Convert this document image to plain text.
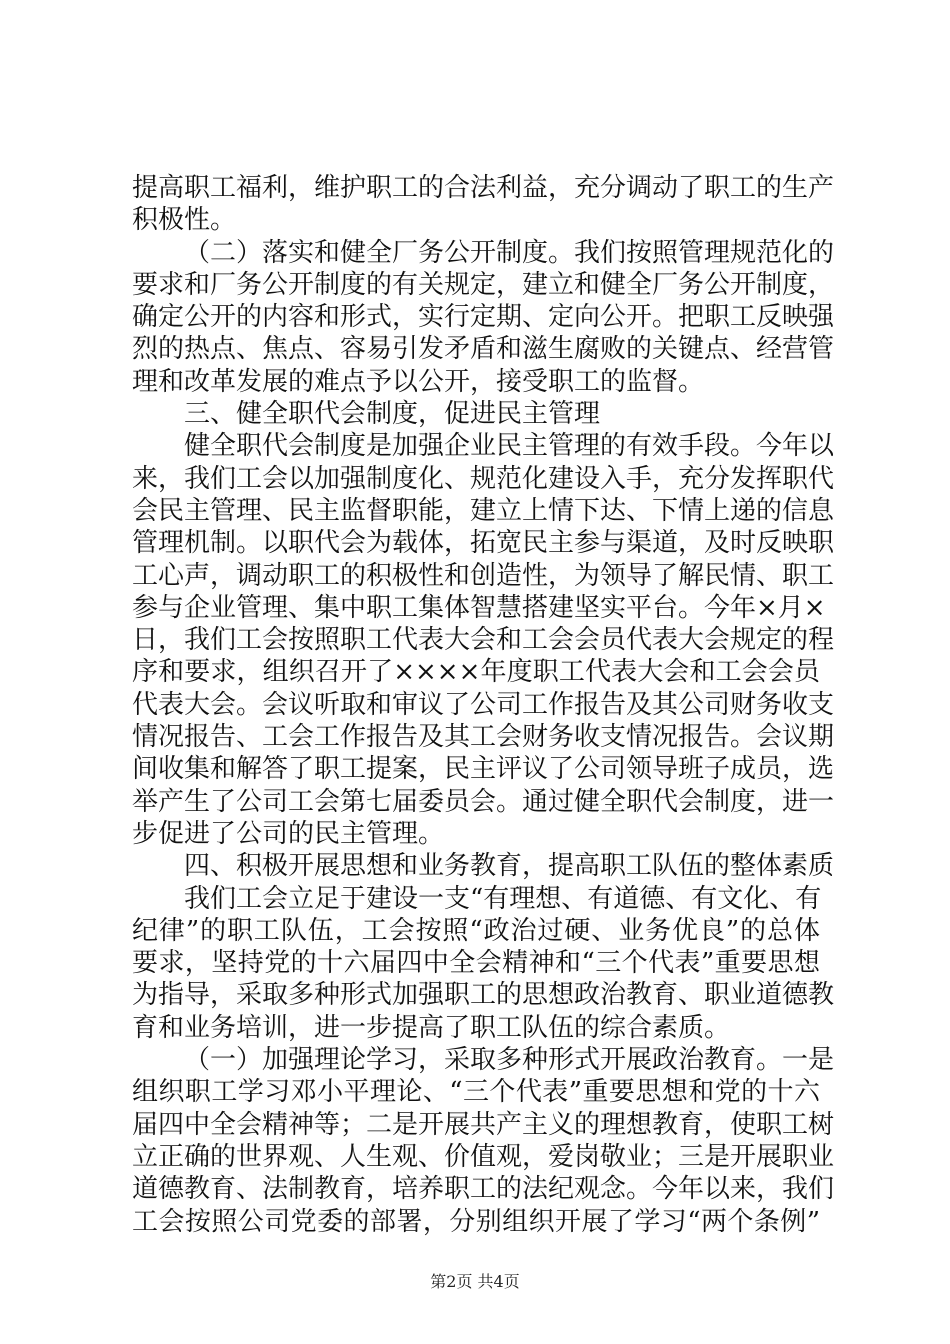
提高职工福利，维护职工的合法利益，充分调动了职工的生产
积极性。
（二）落实和健全厂务公开制度。我们按照管理规范化的
要求和厂务公开制度的有关规定，建立和健全厂务公开制度，
确定公开的内容和形式，实行定期、定向公开。把职工反映强
烈的热点、焦点、容易引发矛盾和滋生腐败的关键点、经营管
理和改革发展的难点予以公开，接受职工的监督。
三、健全职代会制度，促进民主管理
健全职代会制度是加强企业民主管理的有效手段。今年以
来，我们工会以加强制度化、规范化建设入手，充分发挥职代
会民主管理、民主监督职能，建立上情下达、下情上递的信息
管理机制。以职代会为载体，拓宽民主参与渠道，及时反映职
工心声，调动职工的积极性和创造性，为领导了解民情、职工
参与企业管理、集中职工集体智慧搭建坚实平台。今年×月×
日，我们工会按照职工代表大会和工会会员代表大会规定的程
序和要求，组织召开了××××年度职工代表大会和工会会员
代表大会。会议听取和审议了公司工作报告及其公司财务收支
情况报告、工会工作报告及其工会财务收支情况报告。会议期
间收集和解答了职工提案，民主评议了公司领导班子成员，选
举产生了公司工会第七届委员会。通过健全职代会制度，进一
步促进了公司的民主管理。
四、积极开展思想和业务教育，提高职工队伍的整体素质
我们工会立足于建设一支“有理想、有道德、有文化、有
纪律”的职工队伍，工会按照“政治过硬、业务优良”的总体
要求，坚持党的十六届四中全会精神和“三个代表”重要思想
为指导，采取多种形式加强职工的思想政治教育、职业道德教
育和业务培训，进一步提高了职工队伍的综合素质。
（一）加强理论学习，采取多种形式开展政治教育。一是
组织职工学习邓小平理论、“三个代表”重要思想和党的十六
届四中全会精神等；二是开展共产主义的理想教育，使职工树
立正确的世界观、人生观、价值观，爱岗敬业；三是开展职业
道德教育、法制教育，培养职工的法纪观念。今年以来，我们
工会按照公司党委的部署，分别组织开展了学习“两个条例”
第2页 共4页
